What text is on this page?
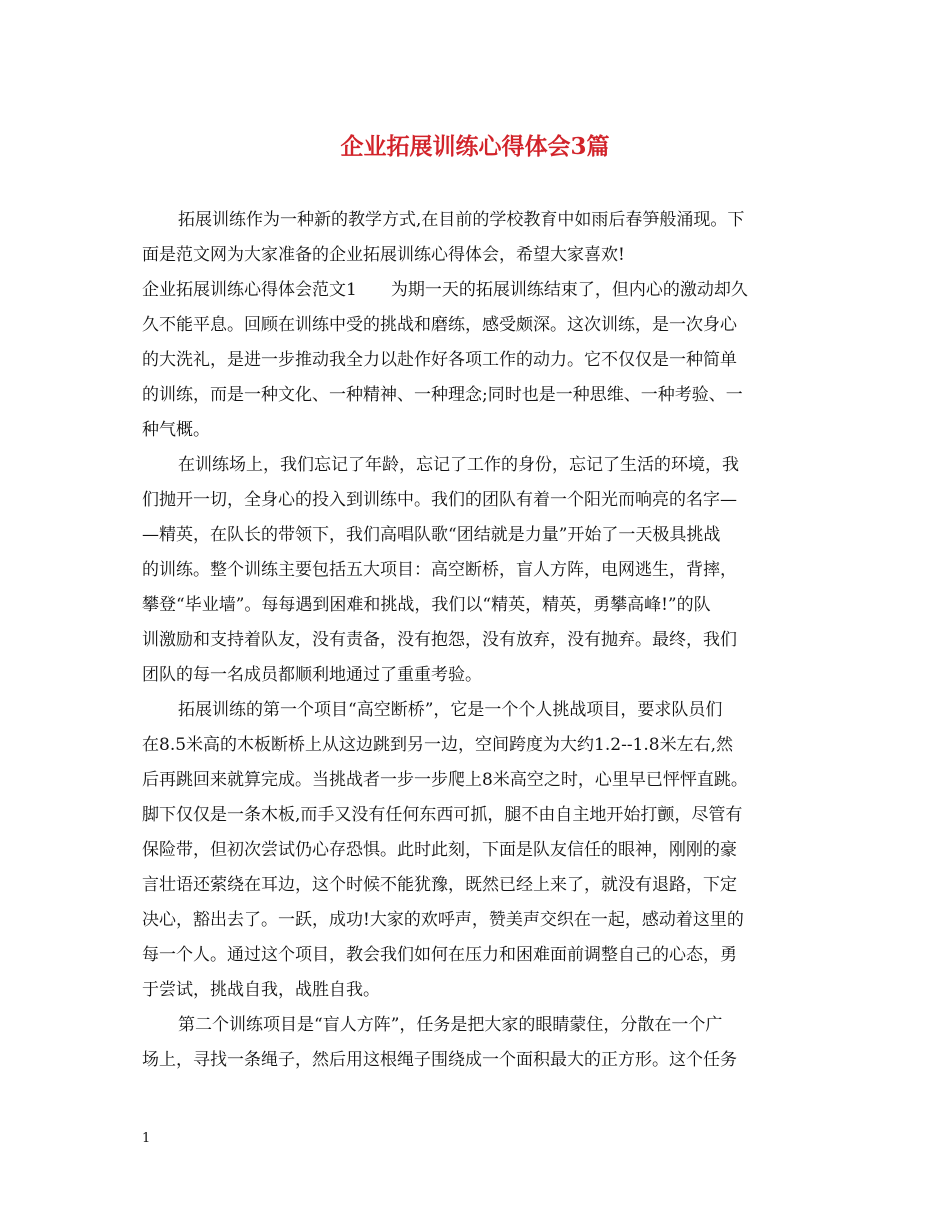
企业拓展训练心得体会3篇
拓展训练作为一种新的教学方式,在目前的学校教育中如雨后春笋般涌现。下
面是范文网为大家准备的企业拓展训练心得体会，希望大家喜欢!
企业拓展训练心得体会范文1　　为期一天的拓展训练结束了，但内心的激动却久
久不能平息。回顾在训练中受的挑战和磨练，感受颇深。这次训练，是一次身心
的大洗礼，是进一步推动我全力以赴作好各项工作的动力。它不仅仅是一种简单
的训练，而是一种文化、一种精神、一种理念;同时也是一种思维、一种考验、一
种气概。
在训练场上，我们忘记了年龄，忘记了工作的身份，忘记了生活的环境，我
们抛开一切，全身心的投入到训练中。我们的团队有着一个阳光而响亮的名字—
—精英，在队长的带领下，我们高唱队歌“团结就是力量”开始了一天极具挑战
的训练。整个训练主要包括五大项目：高空断桥，盲人方阵，电网逃生，背摔，
攀登“毕业墙”。每每遇到困难和挑战，我们以“精英，精英，勇攀高峰!”的队
训激励和支持着队友，没有责备，没有抱怨，没有放弃，没有抛弃。最终，我们
团队的每一名成员都顺利地通过了重重考验。
拓展训练的第一个项目“高空断桥”，它是一个个人挑战项目，要求队员们
在8.5米高的木板断桥上从这边跳到另一边，空间跨度为大约1.2--1.8米左右,然
后再跳回来就算完成。当挑战者一步一步爬上8米高空之时，心里早已怦怦直跳。
脚下仅仅是一条木板,而手又没有任何东西可抓，腿不由自主地开始打颤，尽管有
保险带，但初次尝试仍心存恐惧。此时此刻，下面是队友信任的眼神，刚刚的豪
言壮语还萦绕在耳边，这个时候不能犹豫，既然已经上来了，就没有退路，下定
决心，豁出去了。一跃，成功!大家的欢呼声，赞美声交织在一起，感动着这里的
每一个人。通过这个项目，教会我们如何在压力和困难面前调整自己的心态，勇
于尝试，挑战自我，战胜自我。
第二个训练项目是“盲人方阵”，任务是把大家的眼睛蒙住，分散在一个广
场上，寻找一条绳子，然后用这根绳子围绕成一个面积最大的正方形。这个任务
1
